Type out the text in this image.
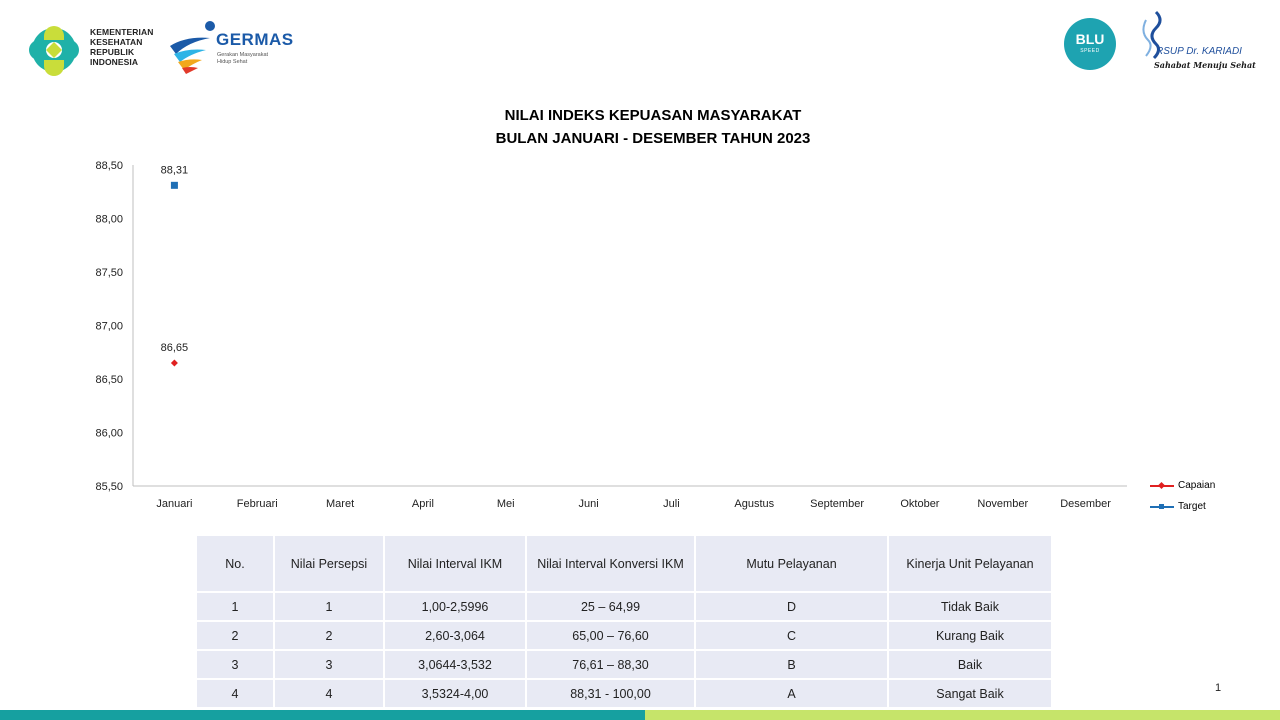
KEMENTERIAN
KESEHATAN
REPUBLIK
INDONESIA
GERMAS
Gerakan Masyarakat
Hidup Sehat
BLU
SPEED	RSUP Dr. KARIADI
Sahabat Menuju Sehat
NILAI INDEKS KEPUASAN MASYARAKAT
BULAN JANUARI - DESEMBER TAHUN 2023
85,50
86,00
86,50
87,00
87,50
88,00
88,50
Januari	Februari	Maret	April	Mei	Juni	Juli	Agustus	September	Oktober	November	Desember
86,65
88,31
Capaian
Target
No.	Nilai Persepsi	Nilai Interval IKM	Nilai Interval Konversi IKM	Mutu Pelayanan	Kinerja Unit Pelayanan
1	1	1,00-2,5996	25 – 64,99	D	Tidak Baik
2	2	2,60-3,064	65,00 – 76,60	C	Kurang Baik
3	3	3,0644-3,532	76,61 – 88,30	B	Baik
4	4	3,5324-4,00	88,31 - 100,00	A	Sangat Baik	1
